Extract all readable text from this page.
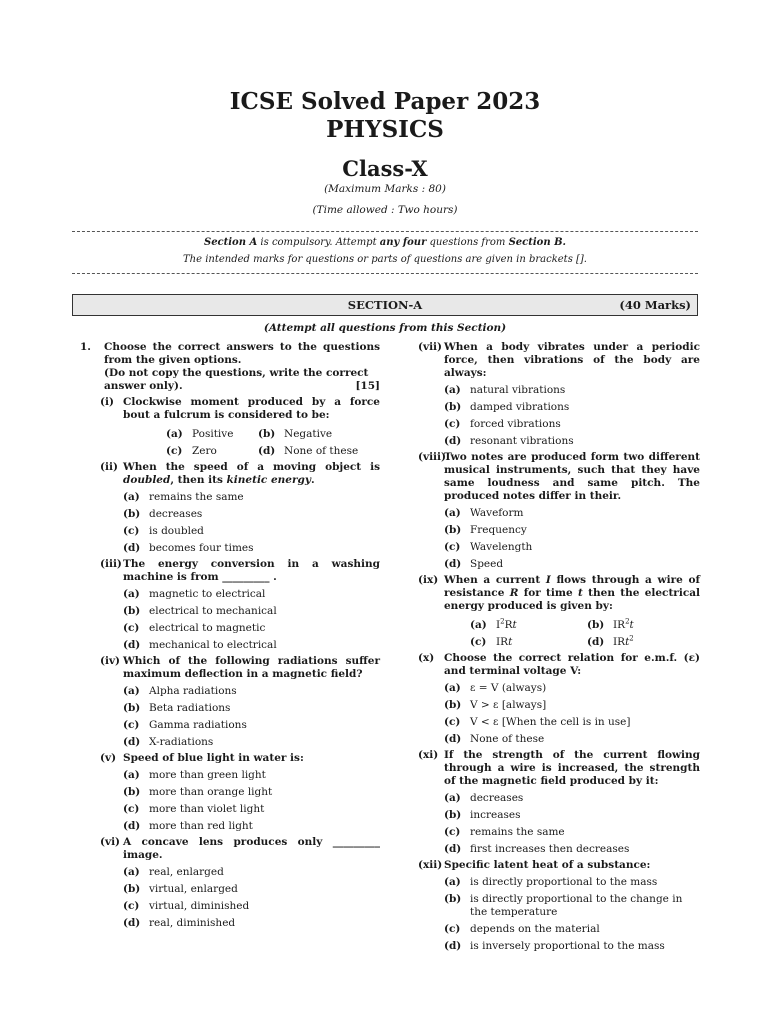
ICSE Solved Paper 2023
PHYSICS
Class-X
(Maximum Marks : 80)
(Time allowed : Two hours)
Section A is compulsory. Attempt any four questions from Section B.
The intended marks for questions or parts of questions are given in brackets [].
SECTION-A	(40 Marks)
(Attempt all questions from this Section)
1. Choose the correct answers to the questions from the given options.
(Do not copy the questions, write the correct
answer only).	[15]
(i) Clockwise moment produced by a force bout a fulcrum is considered to be:
(a) Positive	(b) Negative
(c) Zero	(d) None of these
(ii) When the speed of a moving object is doubled, then its kinetic energy.
(a) remains the same
(b) decreases
(c) is doubled
(d) becomes four times
(iii) The energy conversion in a washing machine is from _________ .
(a) magnetic to electrical
(b) electrical to mechanical
(c) electrical to magnetic
(d) mechanical to electrical
(iv) Which of the following radiations suffer maximum deflection in a magnetic field?
(a) Alpha radiations
(b) Beta radiations
(c) Gamma radiations
(d) X-radiations
(v) Speed of blue light in water is:
(a) more than green light
(b) more than orange light
(c) more than violet light
(d) more than red light
(vi) A concave lens produces only _________ image.
(a) real, enlarged
(b) virtual, enlarged
(c) virtual, diminished
(d) real, diminished
(vii) When a body vibrates under a periodic force, then vibrations of the body are always:
(a) natural vibrations
(b) damped vibrations
(c) forced vibrations
(d) resonant vibrations
(viii)
Two notes are produced form two different musical instruments, such that they have same loudness and same pitch. The produced notes differ in their.
(a) Waveform
(b) Frequency
(c) Wavelength
(d) Speed
(ix) When a current I flows through a wire of resistance R for time t then the electrical energy produced is given by:
(a) $I^2Rt$	(b) $IR^2t$
(c) IRt	(d) IRt$^2$
(x) Choose the correct relation for e.m.f. (ε) and terminal voltage V:
(a) ε = V (always)
(b) V > ε [always]
(c) V < ε [When the cell is in use]
(d) None of these
(xi) If the strength of the current flowing through a wire is increased, the strength of the magnetic field produced by it:
(a) decreases
(b) increases
(c) remains the same
(d) first increases then decreases
(xii) Specific latent heat of a substance:
(a) is directly proportional to the mass
(b) is directly proportional to the change in the temperature
(c) depends on the material
(d) is inversely proportional to the mass
